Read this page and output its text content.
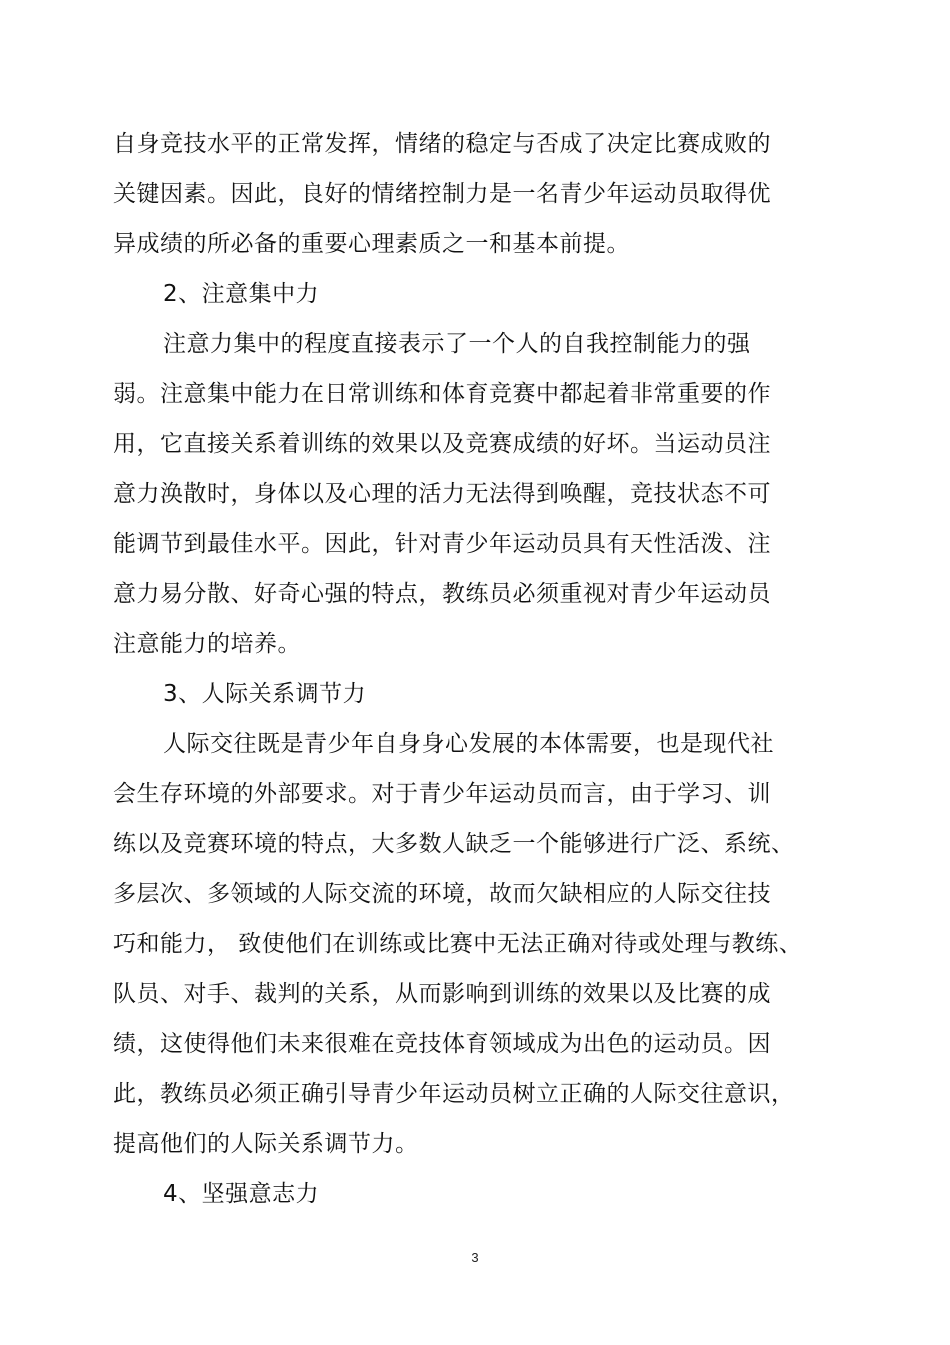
自身竞技水平的正常发挥，情绪的稳定与否成了决定比赛成败的
关键因素。因此，良好的情绪控制力是一名青少年运动员取得优
异成绩的所必备的重要心理素质之一和基本前提。
2、注意集中力
注意力集中的程度直接表示了一个人的自我控制能力的强
弱。注意集中能力在日常训练和体育竞赛中都起着非常重要的作
用，它直接关系着训练的效果以及竞赛成绩的好坏。当运动员注
意力涣散时，身体以及心理的活力无法得到唤醒，竞技状态不可
能调节到最佳水平。因此，针对青少年运动员具有天性活泼、注
意力易分散、好奇心强的特点，教练员必须重视对青少年运动员
注意能力的培养。
3、人际关系调节力
人际交往既是青少年自身身心发展的本体需要，也是现代社
会生存环境的外部要求。对于青少年运动员而言，由于学习、训
练以及竞赛环境的特点，大多数人缺乏一个能够进行广泛、系统、
多层次、多领域的人际交流的环境，故而欠缺相应的人际交往技
巧和能力， 致使他们在训练或比赛中无法正确对待或处理与教练、
队员、对手、裁判的关系，从而影响到训练的效果以及比赛的成
绩，这使得他们未来很难在竞技体育领域成为出色的运动员。因
此，教练员必须正确引导青少年运动员树立正确的人际交往意识，
提高他们的人际关系调节力。
4、坚强意志力
3
